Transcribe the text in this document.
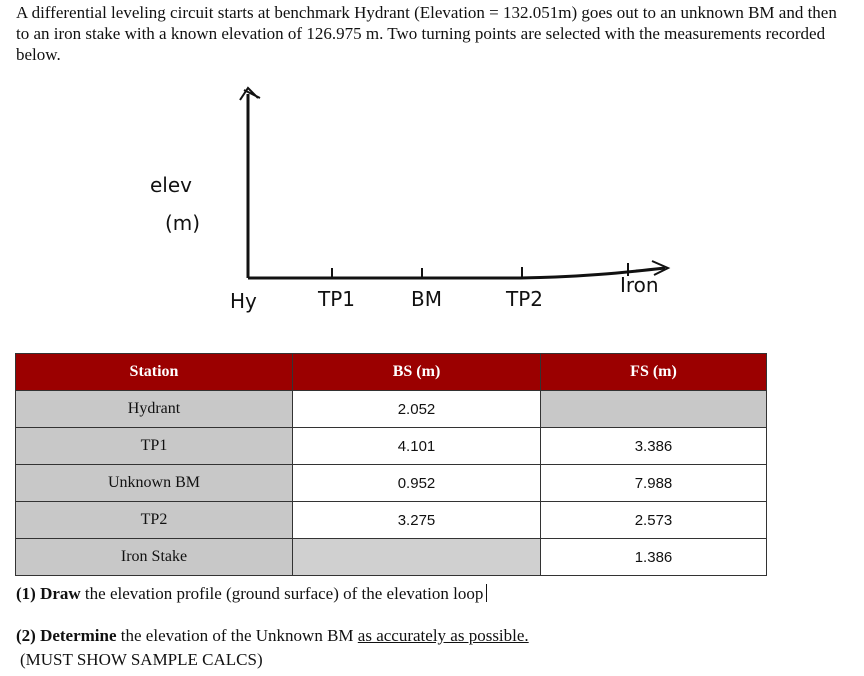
A differential leveling circuit starts at benchmark Hydrant (Elevation = 132.051m) goes out to an unknown BM and then to an iron stake with a known elevation of 126.975 m. Two turning points are selected with the measurements recorded below.

elev
(m)
Hy	TP1	BM	TP2
Iron
Station	BS (m)	FS (m)
Hydrant	2.052	
TP1	4.101	3.386
Unknown BM	0.952	7.988
TP2	3.275	2.573
Iron Stake		1.386
(1) Draw the elevation profile (ground surface) of the elevation loop
(2) Determine the elevation of the Unknown BM as accurately as possible.
(MUST SHOW SAMPLE CALCS)
